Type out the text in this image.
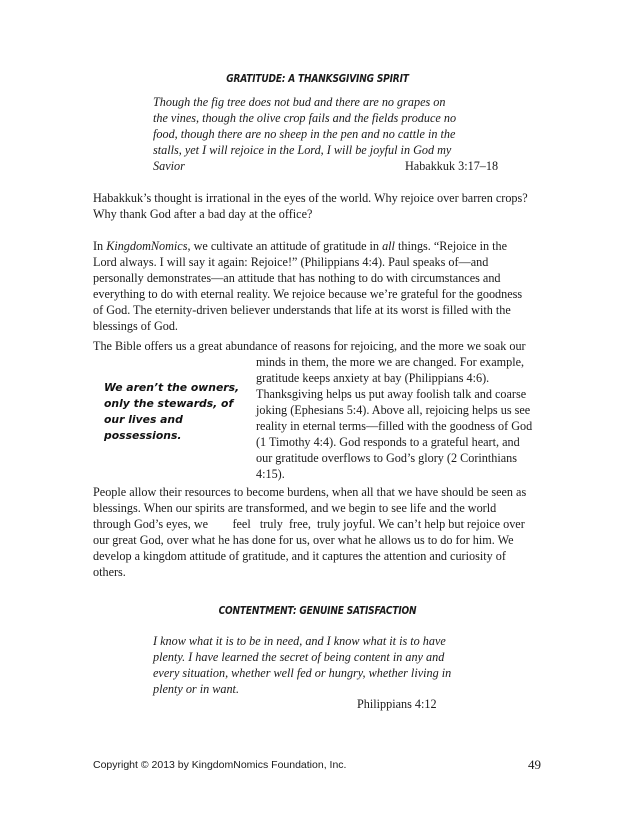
GRATITUDE: A THANKSGIVING SPIRIT
Though the fig tree does not bud and there are no grapes on
the vines, though the olive crop fails and the fields produce no
food, though there are no sheep in the pen and no cattle in the
stalls, yet I will rejoice in the Lord, I will be joyful in God my
Savior	Habakkuk 3:17–18
Habakkuk’s thought is irrational in the eyes of the world. Why rejoice over barren crops?
Why thank God after a bad day at the office?
In KingdomNomics, we cultivate an attitude of gratitude in all things. “Rejoice in the
Lord always. I will say it again: Rejoice!” (Philippians 4:4). Paul speaks of—and
personally demonstrates—an attitude that has nothing to do with circumstances and
everything to do with eternal reality. We rejoice because we’re grateful for the goodness
of God. The eternity-driven believer understands that life at its worst is filled with the
blessings of God.
The Bible offers us a great abundance of reasons for rejoicing, and the more we soak our
minds in them, the more we are changed. For example,
gratitude keeps anxiety at bay (Philippians 4:6).
Thanksgiving helps us put away foolish talk and coarse
joking (Ephesians 5:4). Above all, rejoicing helps us see
reality in eternal terms—filled with the goodness of God
(1 Timothy 4:4). God responds to a grateful heart, and
our gratitude overflows to God’s glory (2 Corinthians
4:15).
We aren’t the owners,
only the stewards, of
our lives and
possessions.
People allow their resources to become burdens, when all that we have should be seen as
blessings. When our spirits are transformed, and we begin to see life and the world
through God’s eyes, we        feel   truly  free,  truly joyful. We can’t help but rejoice over
our great God, over what he has done for us, over what he allows us to do for him. We
develop a kingdom attitude of gratitude, and it captures the attention and curiosity of
others.
CONTENTMENT: GENUINE SATISFACTION
I know what it is to be in need, and I know what it is to have
plenty. I have learned the secret of being content in any and
every situation, whether well fed or hungry, whether living in
plenty or in want.
Philippians 4:12
Copyright © 2013 by KingdomNomics Foundation, Inc.	49
